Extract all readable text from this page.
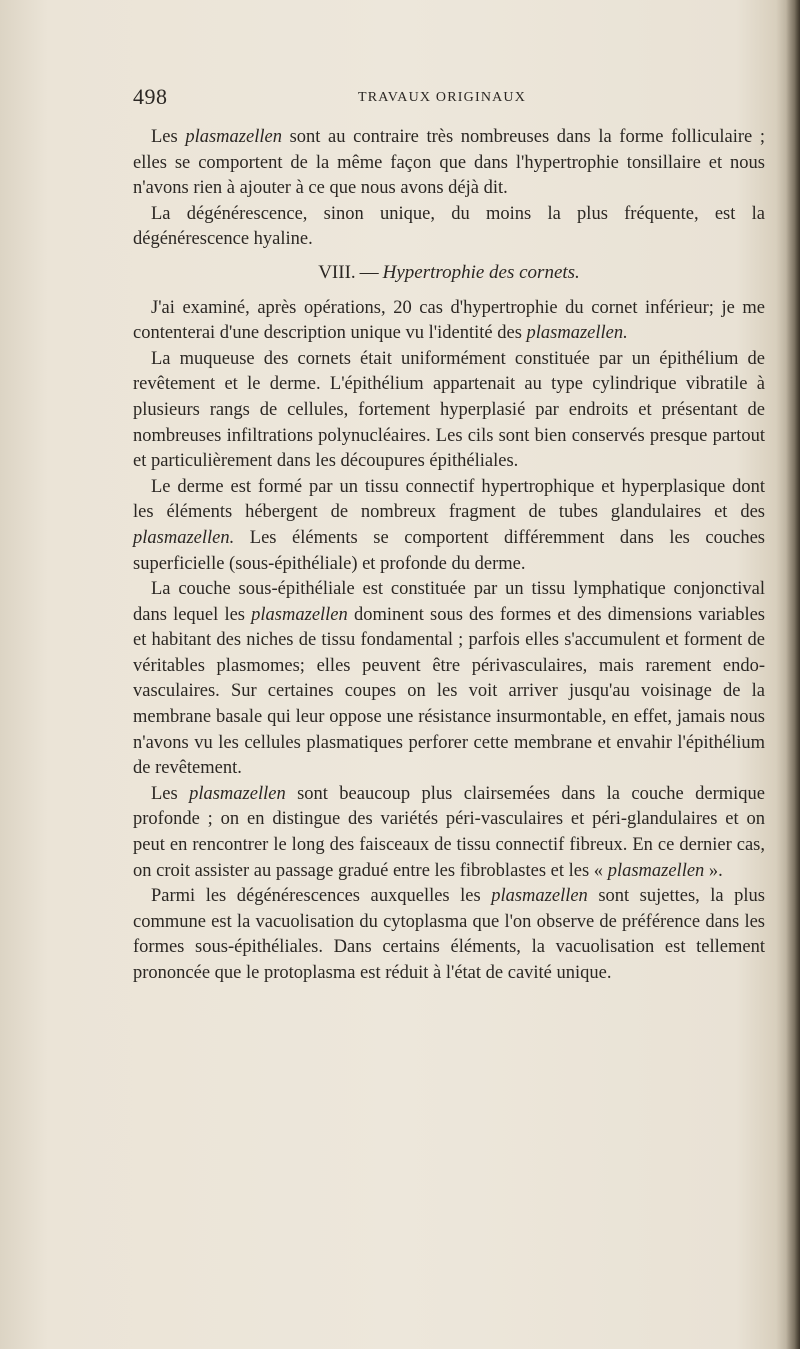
498	TRAVAUX ORIGINAUX

Les plasmazellen sont au contraire très nombreuses dans la forme folliculaire ; elles se comportent de la même façon que dans l'hypertrophie tonsillaire et nous n'avons rien à ajouter à ce que nous avons déjà dit.

La dégénérescence, sinon unique, du moins la plus fréquente, est la dégénérescence hyaline.

VIII. — Hypertrophie des cornets.

J'ai examiné, après opérations, 20 cas d'hypertrophie du cornet inférieur; je me contenterai d'une description unique vu l'identité des plasmazellen.

La muqueuse des cornets était uniformément constituée par un épithélium de revêtement et le derme. L'épithélium appartenait au type cylindrique vibratile à plusieurs rangs de cellules, fortement hyperplasié par endroits et présentant de nombreuses infiltrations polynucléaires. Les cils sont bien conservés presque partout et particulièrement dans les découpures épithéliales.

Le derme est formé par un tissu connectif hypertrophique et hyperplasique dont les éléments hébergent de nombreux fragment de tubes glandulaires et des plasmazellen. Les éléments se comportent différemment dans les couches superficielle (sous-épithéliale) et profonde du derme.

La couche sous-épithéliale est constituée par un tissu lymphatique conjonctival dans lequel les plasmazellen dominent sous des formes et des dimensions variables et habitant des niches de tissu fondamental ; parfois elles s'accumulent et forment de véritables plasmomes; elles peuvent être périvasculaires, mais rarement endo-vasculaires. Sur certaines coupes on les voit arriver jusqu'au voisinage de la membrane basale qui leur oppose une résistance insurmontable, en effet, jamais nous n'avons vu les cellules plasmatiques perforer cette membrane et envahir l'épithélium de revêtement.

Les plasmazellen sont beaucoup plus clairsemées dans la couche dermique profonde ; on en distingue des variétés péri-vasculaires et péri-glandulaires et on peut en rencontrer le long des faisceaux de tissu connectif fibreux. En ce dernier cas, on croit assister au passage gradué entre les fibroblastes et les « plasmazellen ».

Parmi les dégénérescences auxquelles les plasmazellen sont sujettes, la plus commune est la vacuolisation du cytoplasma que l'on observe de préférence dans les formes sous-épithéliales. Dans certains éléments, la vacuolisation est tellement prononcée que le protoplasma est réduit à l'état de cavité unique.
